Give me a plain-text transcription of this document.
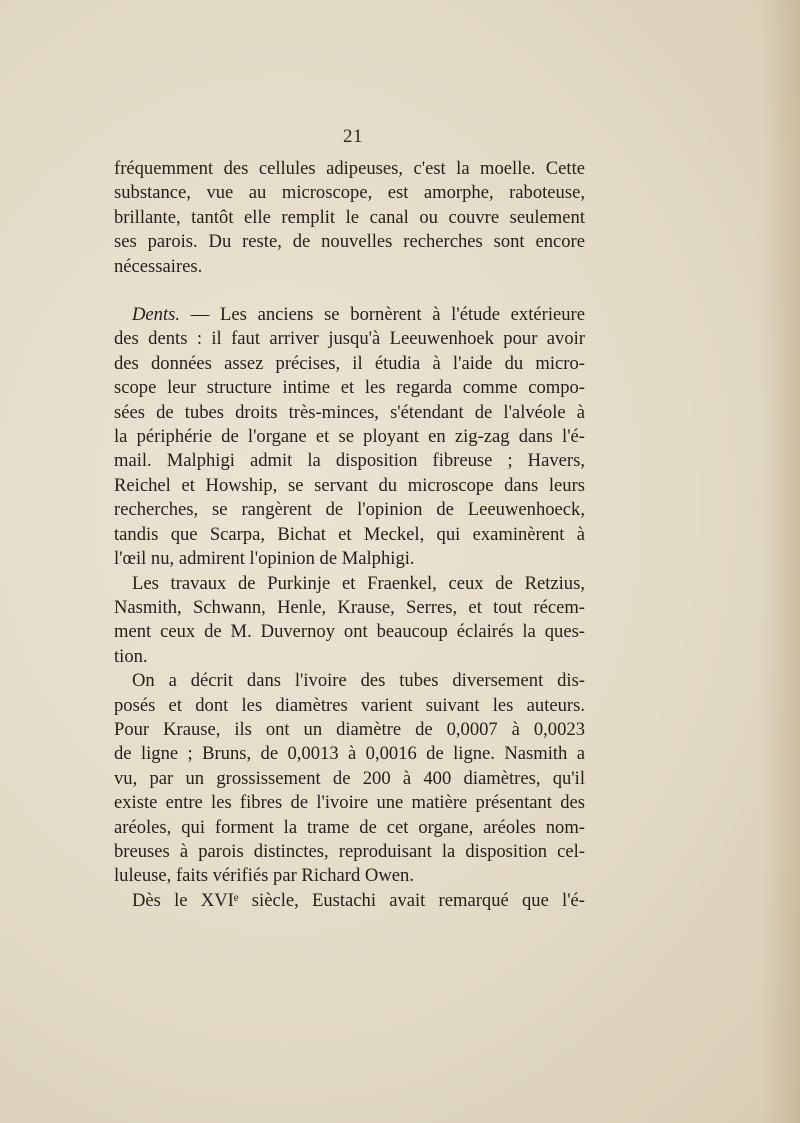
21
fréquemment des cellules adipeuses, c'est la moelle. Cette
substance, vue au microscope, est amorphe, raboteuse,
brillante, tantôt elle remplit le canal ou couvre seulement
ses parois. Du reste, de nouvelles recherches sont encore
nécessaires.
Dents. — Les anciens se bornèrent à l'étude extérieure
des dents : il faut arriver jusqu'à Leeuwenhoek pour avoir
des données assez précises, il étudia à l'aide du micro-
scope leur structure intime et les regarda comme compo-
sées de tubes droits très-minces, s'étendant de l'alvéole à
la périphérie de l'organe et se ployant en zig-zag dans l'é-
mail. Malphigi admit la disposition fibreuse ; Havers,
Reichel et Howship, se servant du microscope dans leurs
recherches, se rangèrent de l'opinion de Leeuwenhoeck,
tandis que Scarpa, Bichat et Meckel, qui examinèrent à
l'œil nu, admirent l'opinion de Malphigi.
Les travaux de Purkinje et Fraenkel, ceux de Retzius,
Nasmith, Schwann, Henle, Krause, Serres, et tout récem-
ment ceux de M. Duvernoy ont beaucoup éclairés la ques-
tion.
On a décrit dans l'ivoire des tubes diversement dis-
posés et dont les diamètres varient suivant les auteurs.
Pour Krause, ils ont un diamètre de 0,0007 à 0,0023
de ligne ; Bruns, de 0,0013 à 0,0016 de ligne. Nasmith a
vu, par un grossissement de 200 à 400 diamètres, qu'il
existe entre les fibres de l'ivoire une matière présentant des
aréoles, qui forment la trame de cet organe, aréoles nom-
breuses à parois distinctes, reproduisant la disposition cel-
luleuse, faits vérifiés par Richard Owen.
Dès le XVIᵉ siècle, Eustachi avait remarqué que l'é-
